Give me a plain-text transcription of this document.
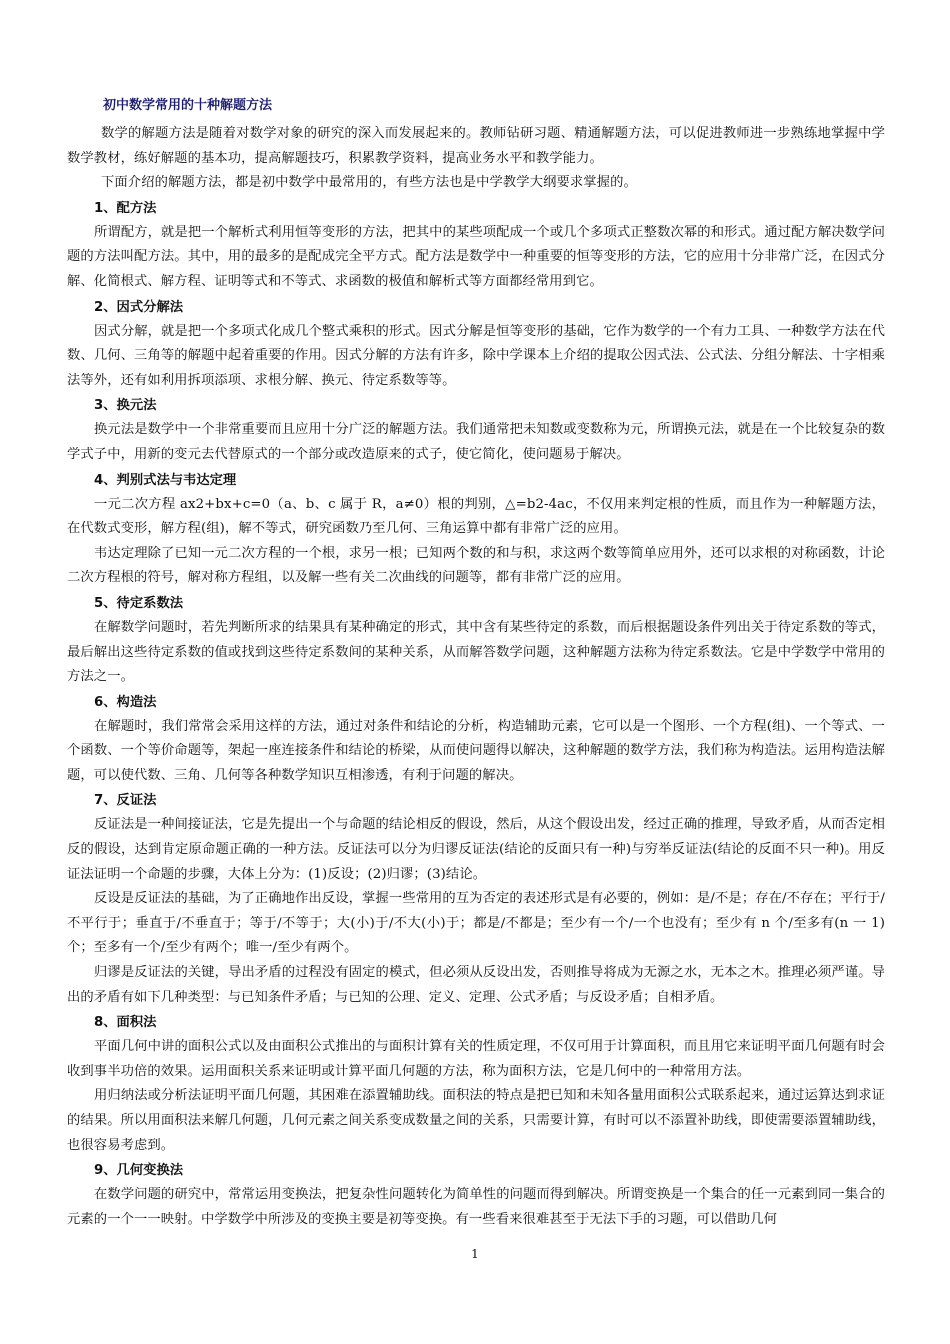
初中数学常用的十种解题方法

数学的解题方法是随着对数学对象的研究的深入而发展起来的。教师钻研习题、精通解题方法，可以促进教师进一步熟练地掌握中学数学教材，练好解题的基本功，提高解题技巧，积累教学资料，提高业务水平和教学能力。

下面介绍的解题方法，都是初中数学中最常用的，有些方法也是中学教学大纲要求掌握的。

1、配方法

所谓配方，就是把一个解析式利用恒等变形的方法，把其中的某些项配成一个或几个多项式正整数次幂的和形式。通过配方解决数学问题的方法叫配方法。其中，用的最多的是配成完全平方式。配方法是数学中一种重要的恒等变形的方法，它的应用十分非常广泛，在因式分解、化简根式、解方程、证明等式和不等式、求函数的极值和解析式等方面都经常用到它。

2、因式分解法

因式分解，就是把一个多项式化成几个整式乘积的形式。因式分解是恒等变形的基础，它作为数学的一个有力工具、一种数学方法在代数、几何、三角等的解题中起着重要的作用。因式分解的方法有许多，除中学课本上介绍的提取公因式法、公式法、分组分解法、十字相乘法等外，还有如利用拆项添项、求根分解、换元、待定系数等等。

3、换元法

换元法是数学中一个非常重要而且应用十分广泛的解题方法。我们通常把未知数或变数称为元，所谓换元法，就是在一个比较复杂的数学式子中，用新的变元去代替原式的一个部分或改造原来的式子，使它简化，使问题易于解决。

4、判别式法与韦达定理

一元二次方程 ax2+bx+c=0（a、b、c 属于 R，a≠0）根的判别，△=b2-4ac，不仅用来判定根的性质，而且作为一种解题方法，在代数式变形，解方程(组)，解不等式，研究函数乃至几何、三角运算中都有非常广泛的应用。

韦达定理除了已知一元二次方程的一个根，求另一根；已知两个数的和与积，求这两个数等简单应用外，还可以求根的对称函数，计论二次方程根的符号，解对称方程组，以及解一些有关二次曲线的问题等，都有非常广泛的应用。

5、待定系数法

在解数学问题时，若先判断所求的结果具有某种确定的形式，其中含有某些待定的系数，而后根据题设条件列出关于待定系数的等式，最后解出这些待定系数的值或找到这些待定系数间的某种关系，从而解答数学问题，这种解题方法称为待定系数法。它是中学数学中常用的方法之一。

6、构造法

在解题时，我们常常会采用这样的方法，通过对条件和结论的分析，构造辅助元素，它可以是一个图形、一个方程(组)、一个等式、一个函数、一个等价命题等，架起一座连接条件和结论的桥梁，从而使问题得以解决，这种解题的数学方法，我们称为构造法。运用构造法解题，可以使代数、三角、几何等各种数学知识互相渗透，有利于问题的解决。

7、反证法

反证法是一种间接证法，它是先提出一个与命题的结论相反的假设，然后，从这个假设出发，经过正确的推理，导致矛盾，从而否定相反的假设，达到肯定原命题正确的一种方法。反证法可以分为归谬反证法(结论的反面只有一种)与穷举反证法(结论的反面不只一种)。用反证法证明一个命题的步骤，大体上分为：(1)反设；(2)归谬；(3)结论。

反设是反证法的基础，为了正确地作出反设，掌握一些常用的互为否定的表述形式是有必要的，例如：是/不是；存在/不存在；平行于/不平行于；垂直于/不垂直于；等于/不等于；大(小)于/不大(小)于；都是/不都是；至少有一个/一个也没有；至少有 n 个/至多有(n 一 1)个；至多有一个/至少有两个；唯一/至少有两个。

归谬是反证法的关键，导出矛盾的过程没有固定的模式，但必须从反设出发，否则推导将成为无源之水，无本之木。推理必须严谨。导出的矛盾有如下几种类型：与已知条件矛盾；与已知的公理、定义、定理、公式矛盾；与反设矛盾；自相矛盾。

8、面积法

平面几何中讲的面积公式以及由面积公式推出的与面积计算有关的性质定理，不仅可用于计算面积，而且用它来证明平面几何题有时会收到事半功倍的效果。运用面积关系来证明或计算平面几何题的方法，称为面积方法，它是几何中的一种常用方法。

用归纳法或分析法证明平面几何题，其困难在添置辅助线。面积法的特点是把已知和未知各量用面积公式联系起来，通过运算达到求证的结果。所以用面积法来解几何题，几何元素之间关系变成数量之间的关系，只需要计算，有时可以不添置补助线，即使需要添置辅助线，也很容易考虑到。

9、几何变换法

在数学问题的研究中，常常运用变换法，把复杂性问题转化为简单性的问题而得到解决。所谓变换是一个集合的任一元素到同一集合的元素的一个一一映射。中学数学中所涉及的变换主要是初等变换。有一些看来很难甚至于无法下手的习题，可以借助几何

1
